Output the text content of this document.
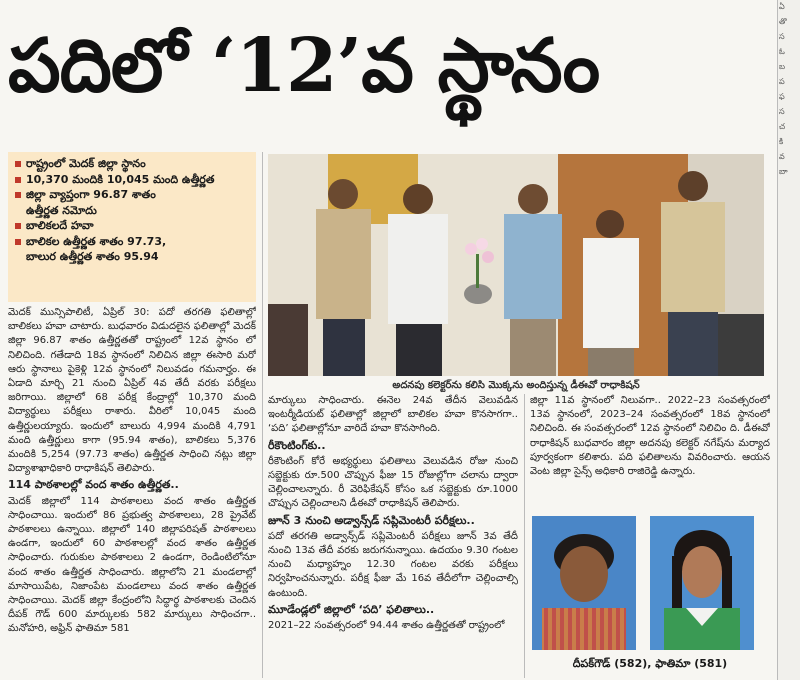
పదిలో ‘12’వ స్థానం
ఏ
తొ
స
ఓ
బ
ప
ఫ
స
చ
కి
వ
బా
రాష్ట్రంలో మెదక్ జిల్లా స్థానం
10,370 మందికి 10,045 మంది ఉత్తీర్ణత
జిల్లా వ్యాప్తంగా 96.87 శాతం
ఉత్తీర్ణత నమోదు
బాలికలదే హవా
బాలికల ఉత్తీర్ణత శాతం 97.73,
బాలుర ఉత్తీర్ణత శాతం 95.94

మెదక్ మున్సిపాలిటీ, ఏప్రిల్ 30: పదో తరగతి ఫలితాల్లో బాలికలు హవా చాటారు. బుధవారం విడుదలైన ఫలితాల్లో మెదక్ జిల్లా 96.87 శాతం ఉత్తీర్ణతతో రాష్ట్రంలో 12వ స్థానం లో నిలిచింది. గతేడాది 18వ స్థానంలో నిలిచిన జిల్లా ఈసారి మరో ఆరు స్థానాలు పైకెళ్లి 12వ స్థానంలో నిలువడం గమనార్హం. ఈ ఏడాది మార్చి 21 నుంచి ఏప్రిల్ 4వ తేదీ వరకు పరీక్షలు జరిగాయి. జిల్లాలో 68 పరీక్ష కేంద్రాల్లో 10,370 మంది విద్యార్థులు పరీక్షలు రాశారు. వీరిలో 10,045 మంది ఉత్తీర్ణులయ్యారు. ఇందులో బాలురు 4,994 మందికి 4,791 మంది ఉత్తీర్ణులు కాగా (95.94 శాతం), బాలికలు 5,376 మందికి 5,254 (97.73 శాతం) ఉత్తీర్ణత సాధించి నట్లు జిల్లా విద్యాశాఖాధికారి రాధాకిషన్ తెలిపారు.

114 పాఠశాలల్లో వంద శాతం ఉత్తీర్ణత..

మెదక్ జిల్లాలో 114 పాఠశాలలు వంద శాతం ఉత్తీర్ణత సాధించాయి. ఇందులో 86 ప్రభుత్వ పాఠశాలలు, 28 ప్రైవేట్ పాఠశాలలు ఉన్నాయి. జిల్లాలో 140 జిల్లాపరిషత్ పాఠశాలలు ఉండగా, ఇందులో 60 పాఠశాలల్లో వంద శాతం ఉత్తీర్ణత సాధించారు. గురుకుల పాఠశాలలు 2 ఉండగా, రెండింటిలోనూ వంద శాతం ఉత్తీర్ణత సాధించారు. జిల్లాలోని 21 మండలాల్లో మాసాయిపేట, నిజాంపేట మండలాలు వంద శాతం ఉత్తీర్ణత సాధించాయి. మెదక్ జిల్లా కేంద్రంలోని సిద్ధార్థ పాఠశాలకు చెందిన దీపక్ గౌడ్ 600 మార్కులకు 582 మార్కులు సాధించగా.. మనోహరి, అఫ్రిన్ ఫాతిమా 581

అదనపు కలెక్టర్‌ను కలిసి మొక్కను అందిస్తున్న డీఈవో రాధాకిషన్

మార్కులు సాధించారు. ఈనెల 24వ తేదీన వెలువడిన ఇంటర్మీడియట్ ఫలితాల్లో జిల్లాలో బాలికల హవా కొనసాగగా.. ‘పది’ ఫలితాల్లోనూ వారిదే హవా కొనసాగింది.

రీకౌంటింగ్‌కు..

రీకౌంటింగ్ కోరే అభ్యర్థులు ఫలితాలు వెలువడిన రోజు నుంచి సబ్జెక్టుకు రూ.500 చొప్పున ఫీజు 15 రోజుల్లోగా చలాను ద్వారా చెల్లించాలన్నారు. రీ వెరిఫికేషన్ కోసం ఒక సబ్జెక్టుకు రూ.1000 చొప్పున చెల్లించాలని డీఈవో రాధాకిషన్ తెలిపారు.

జూన్ 3 నుంచి అడ్వాన్స్‌డ్ సప్లిమెంటరీ పరీక్షలు..

పదో తరగతి అడ్వాన్స్‌డ్ సప్లిమెంటరీ పరీక్షలు జూన్ 3వ తేదీ నుంచి 13వ తేదీ వరకు జరుగనున్నాయి. ఉదయం 9.30 గంటల నుంచి మధ్యాహ్నం 12.30 గంటల వరకు పరీక్షలు నిర్వహించనున్నారు. పరీక్ష ఫీజు మే 16వ తేదీలోగా చెల్లించాల్సి ఉంటుంది.

మూడేండ్లలో జిల్లాలో ‘పది’ ఫలితాలు..

2021–22 సంవత్సరంలో 94.44 శాతం ఉత్తీర్ణతతో రాష్ట్రంలో

జిల్లా 11వ స్థానంలో నిలువగా.. 2022–23 సంవత్సరంలో 13వ స్థానంలో, 2023–24 సంవత్సరంలో 18వ స్థానంలో నిలిచింది. ఈ సంవత్సరంలో 12వ స్థానంలో నిలిచిం ది. డీఈవో రాధాకిషన్ బుధవారం జిల్లా అదనపు కలెక్టర్ నగేష్‌ను మర్యాద పూర్వకంగా కలిశారు. పది ఫలితాలను వివరించారు. ఆయన వెంట జిల్లా సైన్స్ అధికారి రాజిరెడ్డి ఉన్నారు.

దీపక్‌గౌడ్ (582), ఫాతిమా (581)
